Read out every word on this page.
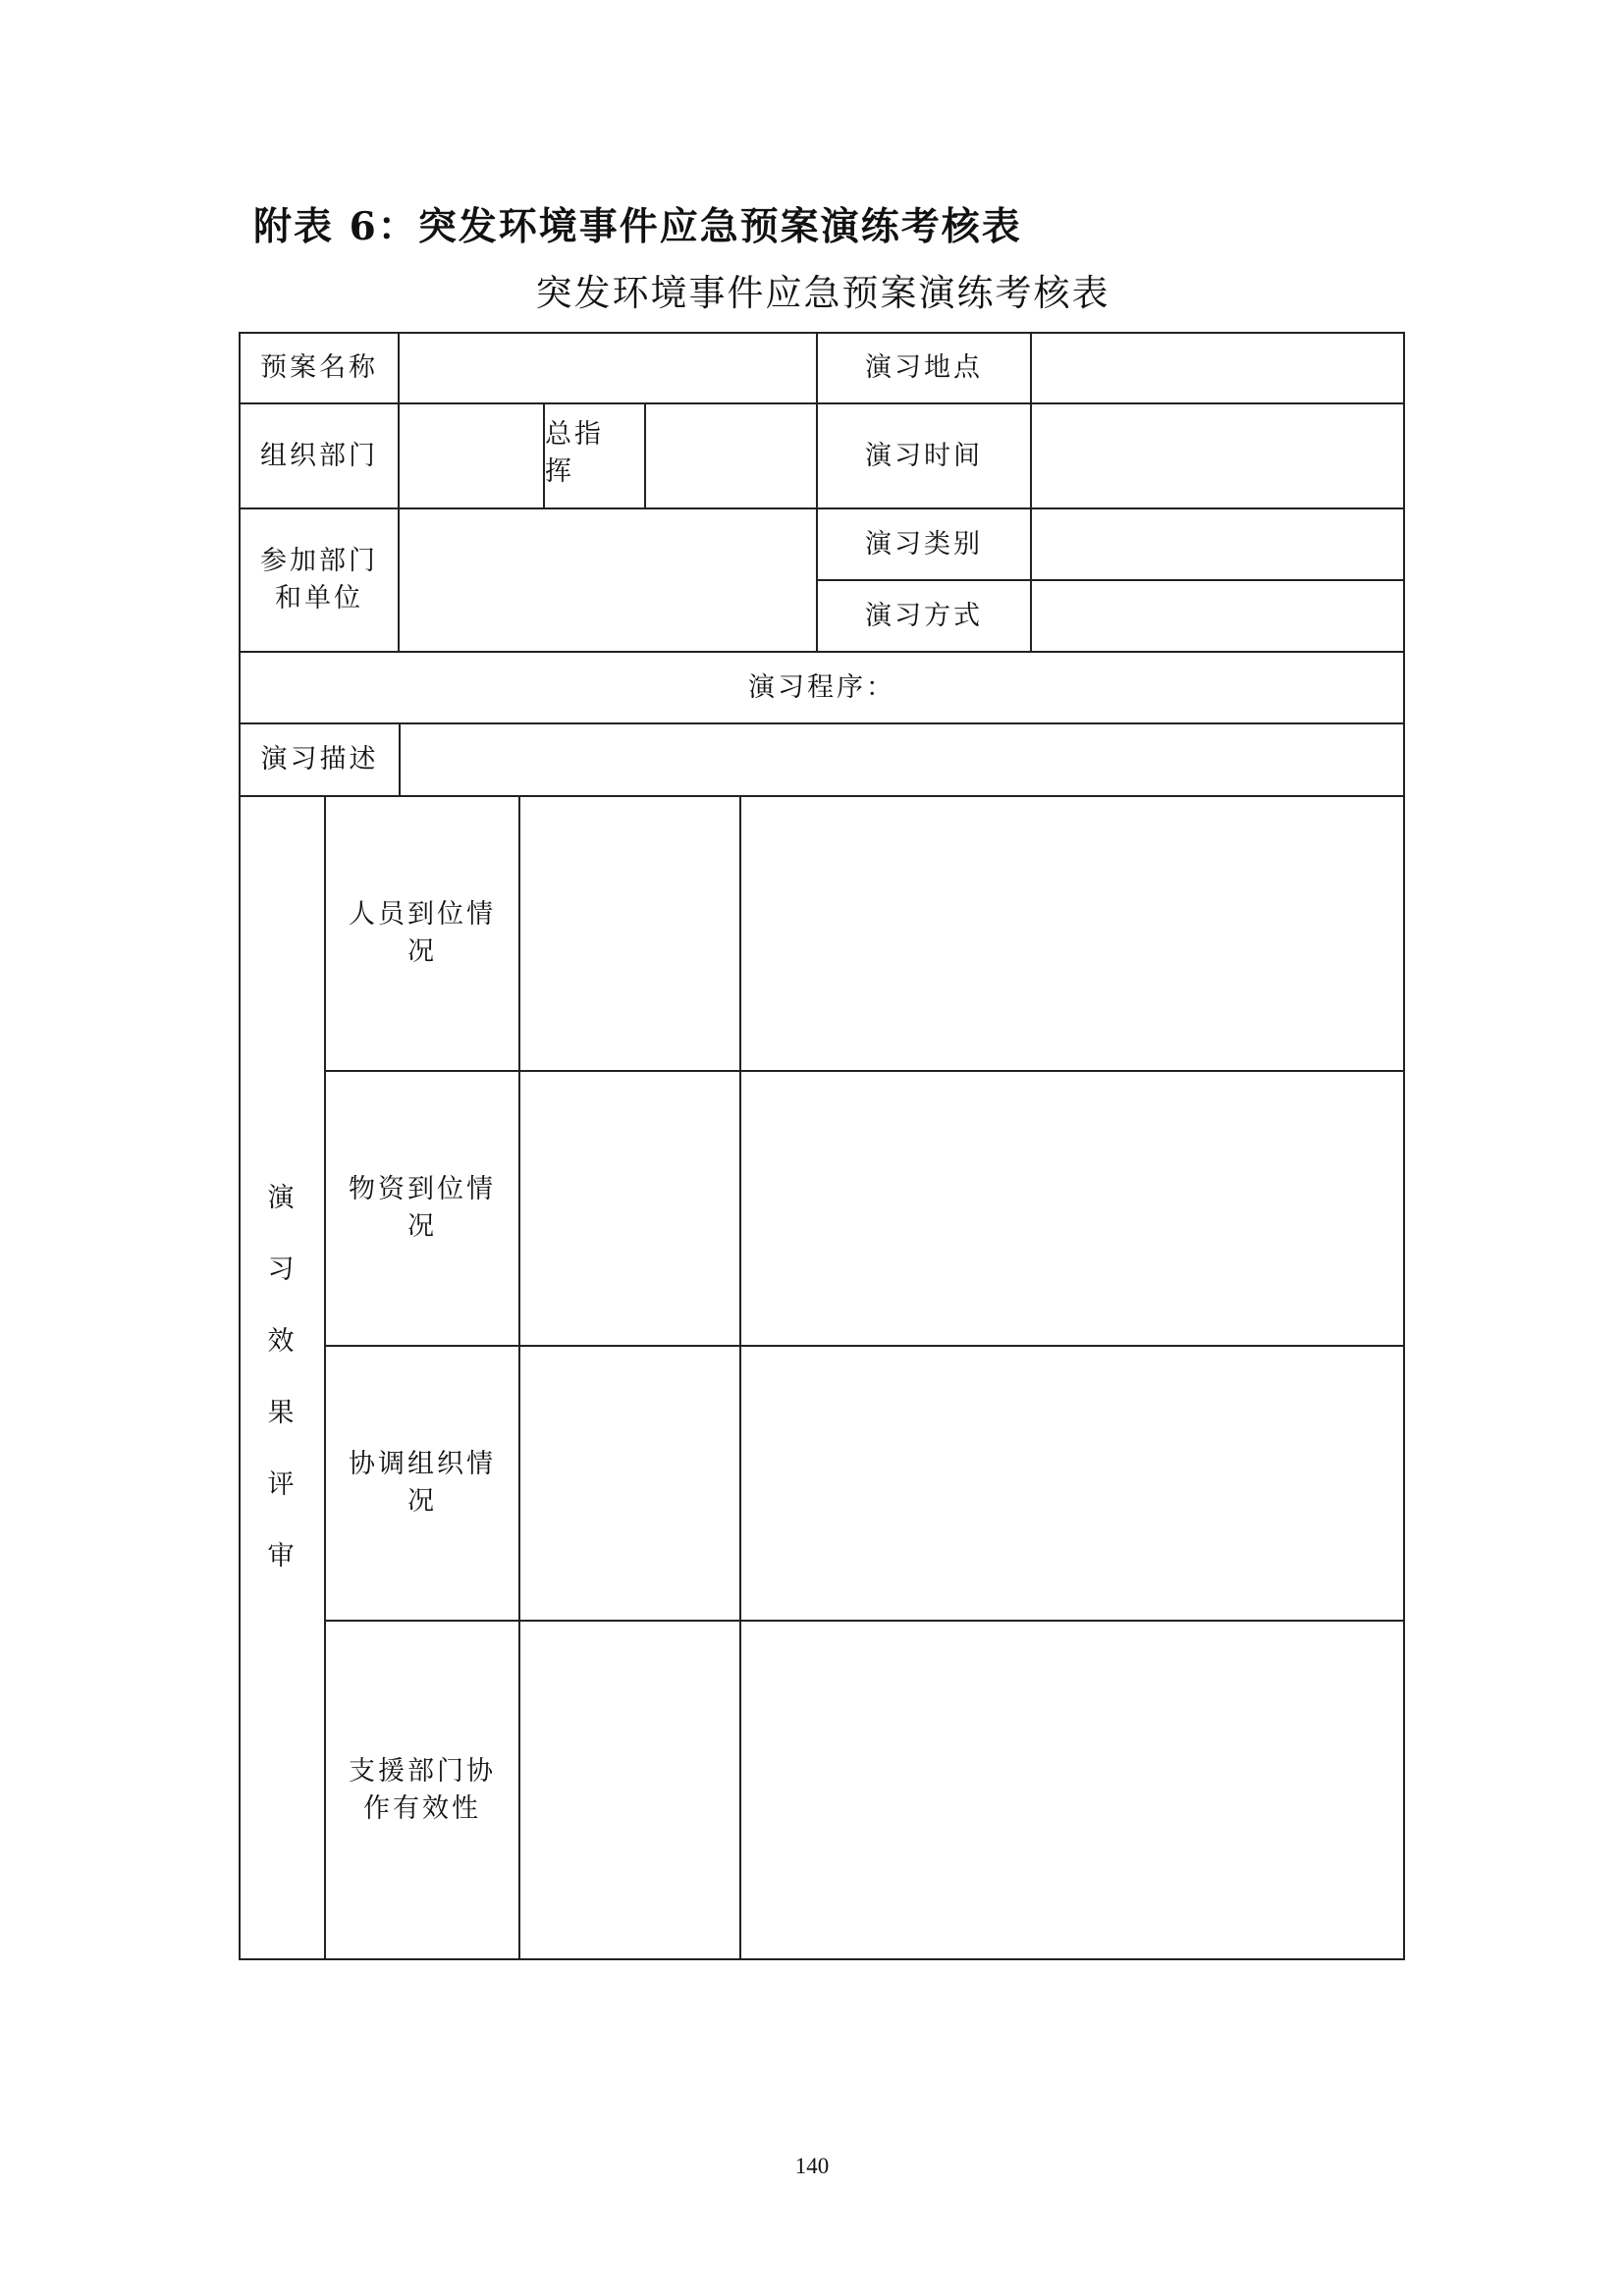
附表 6：突发环境事件应急预案演练考核表
突发环境事件应急预案演练考核表
预案名称	演习地点
组织部门
总指
挥
演习时间
参加部门
和单位
演习类别
演习方式
演习程序：
演习描述
演
习
效
果
评
审
人员到位情
况
物资到位情
况
协调组织情
况
支援部门协
作有效性
140
